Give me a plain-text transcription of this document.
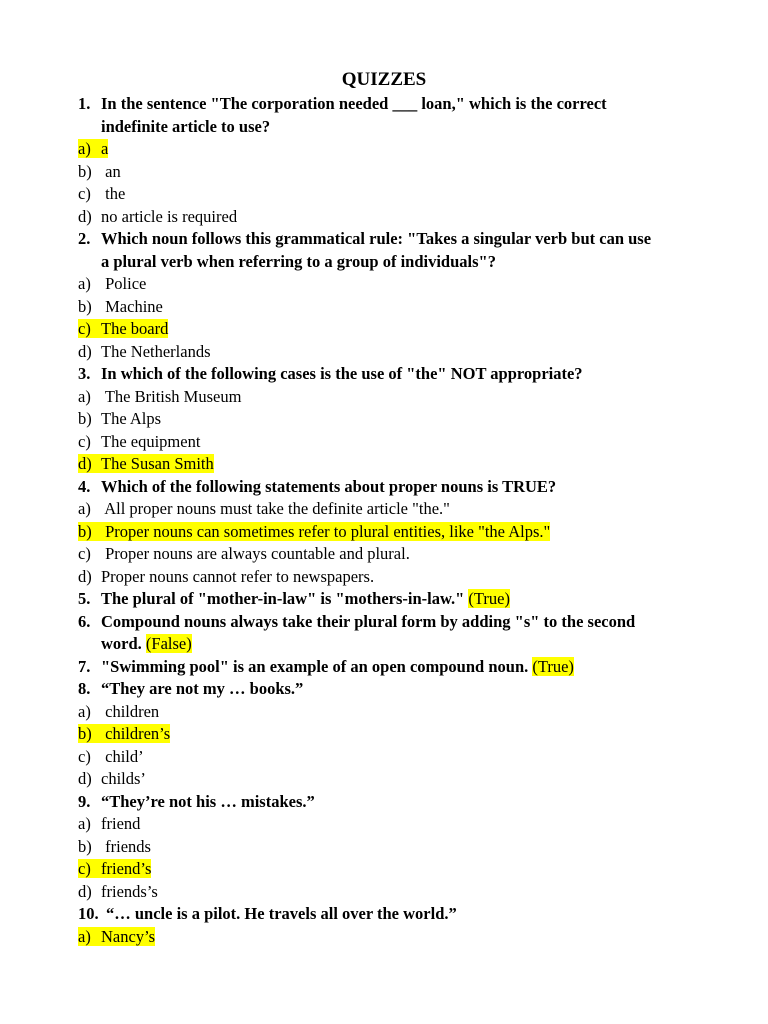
QUIZZES
1. In the sentence "The corporation needed ___ loan," which is the correct
indefinite article to use?
a) a
b) an
c) the
d) no article is required
2. Which noun follows this grammatical rule: "Takes a singular verb but can use
a plural verb when referring to a group of individuals"?
a) Police
b) Machine
c) The board
d) The Netherlands
3. In which of the following cases is the use of "the" NOT appropriate?
a) The British Museum
b) The Alps
c) The equipment
d) The Susan Smith
4. Which of the following statements about proper nouns is TRUE?
a) All proper nouns must take the definite article "the."
b) Proper nouns can sometimes refer to plural entities, like "the Alps."
c) Proper nouns are always countable and plural.
d) Proper nouns cannot refer to newspapers.
5. The plural of "mother-in-law" is "mothers-in-law." (True)
6. Compound nouns always take their plural form by adding "s" to the second
word. (False)
7. "Swimming pool" is an example of an open compound noun. (True)
8. “They are not my … books.”
a) children
b) children’s
c) child’
d) childs’
9. “They’re not his … mistakes.”
a) friend
b) friends
c) friend’s
d) friends’s
10. “… uncle is a pilot. He travels all over the world.”
a) Nancy’s
